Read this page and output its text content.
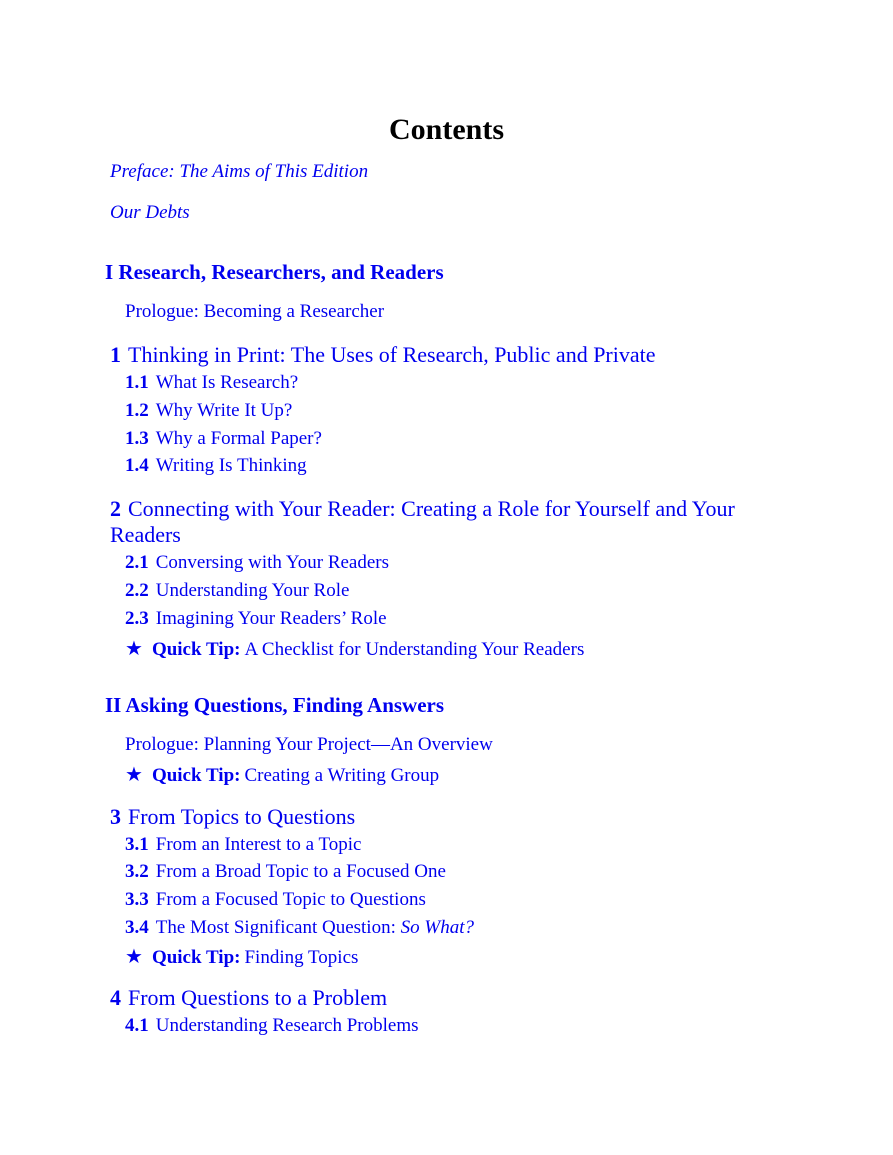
Contents
Preface: The Aims of This Edition
Our Debts
I Research, Researchers, and Readers
Prologue: Becoming a Researcher
1 Thinking in Print: The Uses of Research, Public and Private
1.1 What Is Research?
1.2 Why Write It Up?
1.3 Why a Formal Paper?
1.4 Writing Is Thinking
2 Connecting with Your Reader: Creating a Role for Yourself and Your Readers
2.1 Conversing with Your Readers
2.2 Understanding Your Role
2.3 Imagining Your Readers’ Role
★ Quick Tip: A Checklist for Understanding Your Readers
II Asking Questions, Finding Answers
Prologue: Planning Your Project—An Overview
★ Quick Tip: Creating a Writing Group
3 From Topics to Questions
3.1 From an Interest to a Topic
3.2 From a Broad Topic to a Focused One
3.3 From a Focused Topic to Questions
3.4 The Most Significant Question: So What?
★ Quick Tip: Finding Topics
4 From Questions to a Problem
4.1 Understanding Research Problems
